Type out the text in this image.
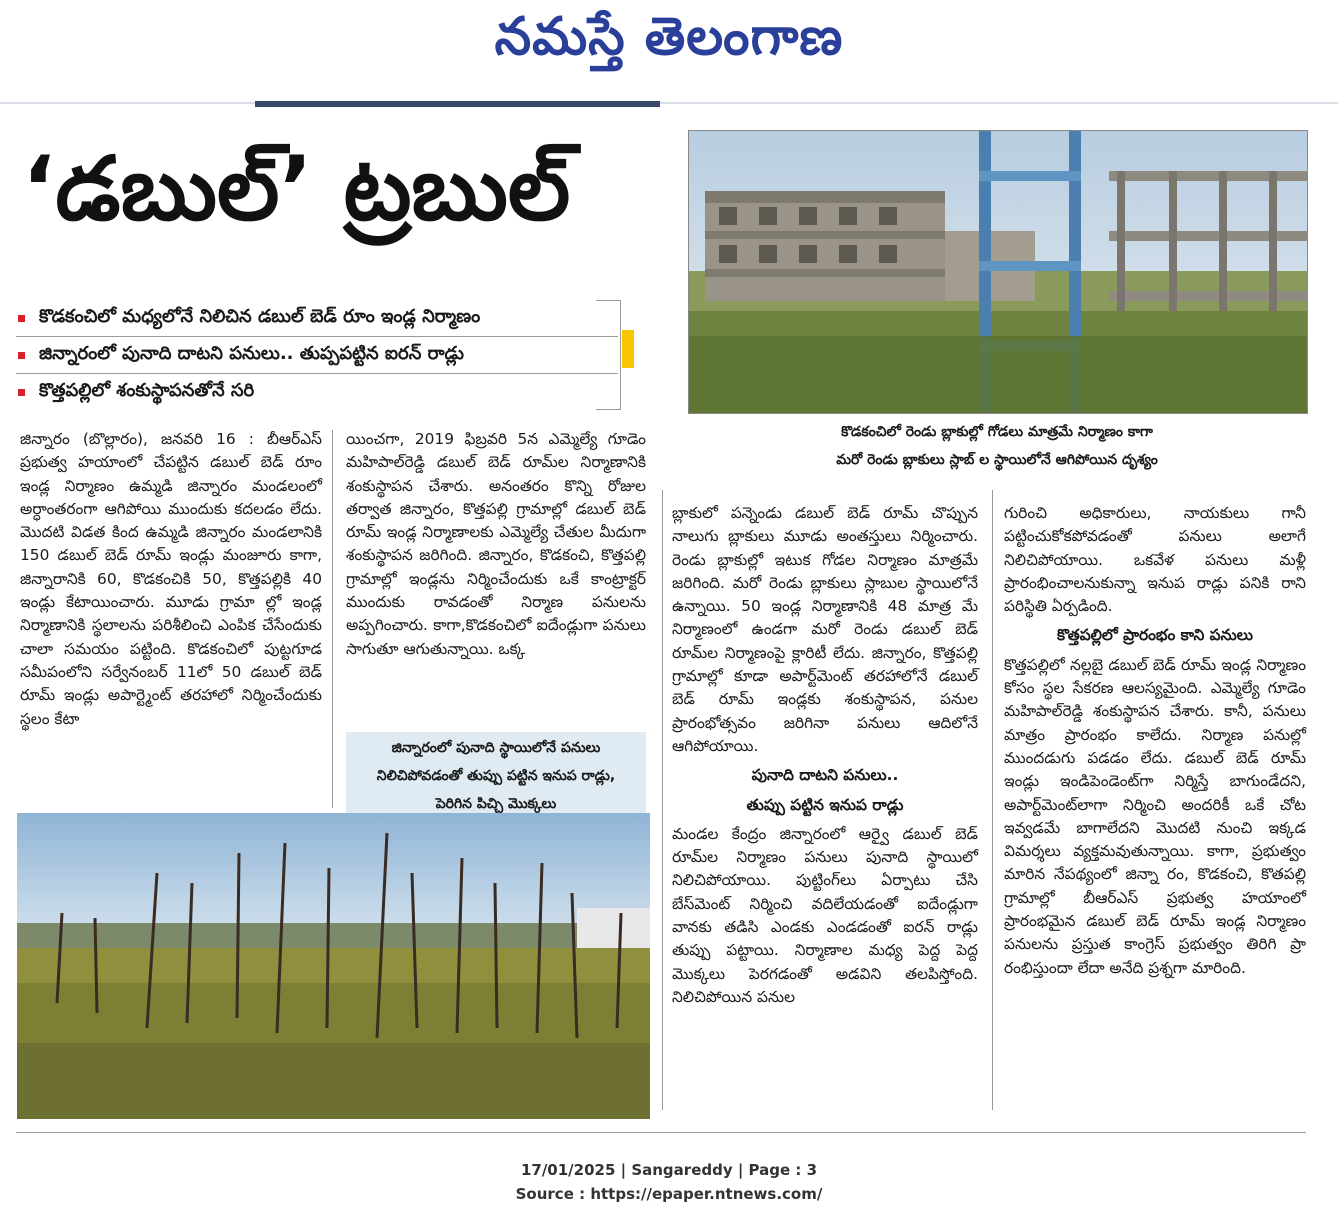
నమస్తే తెలంగాణ
‘డబుల్’ ట్రబుల్
కొడకంచిలో మధ్యలోనే నిలిచిన డబుల్ బెడ్ రూం ఇండ్ల నిర్మాణం
జిన్నారంలో పునాది దాటని పనులు.. తుప్పపట్టిన ఐరన్ రాడ్లు
కొత్తపల్లిలో శంకుస్థాపనతోనే సరి
కొడకంచిలో రెండు బ్లాకుల్లో గోడలు మాత్రమే నిర్మాణం కాగా
మరో రెండు బ్లాకులు స్లాబ్ ల స్థాయిలోనే ఆగిపోయిన దృశ్యం

జిన్నారం (బొల్లారం), జనవరి 16 : బీఆర్ఎస్ ప్రభుత్వ హయాంలో చేపట్టిన డబుల్ బెడ్ రూం ఇండ్ల నిర్మాణం ఉమ్మడి జిన్నారం మండలంలో అర్ధాంతరంగా ఆగిపోయి ముందుకు కదలడం లేదు. మొదటి విడత కింద ఉమ్మడి జిన్నారం మండలానికి 150 డబుల్ బెడ్ రూమ్ ఇండ్లు మంజూరు కాగా, జిన్నారానికి 60, కొడకంచికి 50, కొత్తపల్లికి 40 ఇండ్లు కేటాయించారు. మూడు గ్రామా ల్లో ఇండ్ల నిర్మాణానికి స్థలాలను పరిశీలించి ఎంపిక చేసేందుకు చాలా సమయం పట్టింది. కొడకంచిలో పుట్టగూడ సమీపంలోని సర్వేనంబర్ 11లో 50 డబుల్ బెడ్ రూమ్ ఇండ్లు అపార్ట్మెంట్ తరహాలో నిర్మించేందుకు స్థలం కేటా

యించగా, 2019 ఫిబ్రవరి 5న ఎమ్మెల్యే గూడెం మహిపాల్‌రెడ్డి డబుల్ బెడ్ రూమ్‌ల నిర్మాణానికి శంకుస్థాపన చేశారు. అనంతరం కొన్ని రోజుల తర్వాత జిన్నారం, కొత్తపల్లి గ్రామాల్లో డబుల్ బెడ్ రూమ్ ఇండ్ల నిర్మాణాలకు ఎమ్మెల్యే చేతుల మీదుగా శంకుస్థాపన జరిగింది. జిన్నారం, కొడకంచి, కొత్తపల్లి గ్రామాల్లో ఇండ్లను నిర్మించేందుకు ఒకే కాంట్రాక్టర్ ముందుకు రావడంతో నిర్మాణ పనులను అప్పగించారు. కాగా,కొడకంచిలో ఐదేండ్లుగా పనులు సాగుతూ ఆగుతున్నాయి. ఒక్క

జిన్నారంలో పునాది స్థాయిలోనే పనులు
నిలిచిపోవడంతో తుప్పు పట్టిన ఇనుప రాడ్లు,
పెరిగిన పిచ్చి మొక్కలు

బ్లాకులో పన్నెండు డబుల్ బెడ్ రూమ్ చొప్పున నాలుగు బ్లాకులు మూడు అంతస్తులు నిర్మించారు. రెండు బ్లాకుల్లో ఇటుక గోడల నిర్మాణం మాత్రమే జరిగింది. మరో రెండు బ్లాకులు స్లాబుల స్థాయిలోనే ఉన్నాయి. 50 ఇండ్ల నిర్మాణానికి 48 మాత్ర మే నిర్మాణంలో ఉండగా మరో రెండు డబుల్ బెడ్ రూమ్‌ల నిర్మాణంపై క్లారిటీ లేదు. జిన్నారం, కొత్తపల్లి గ్రామాల్లో కూడా అపార్ట్‌మెంట్ తరహాలోనే డబుల్ బెడ్ రూమ్ ఇండ్లకు శంకుస్థాపన, పనుల ప్రారంభోత్సవం జరిగినా పనులు ఆదిలోనే ఆగిపోయాయి.

పునాది దాటని పనులు..
తుప్పు పట్టిన ఇనుప రాడ్లు

మండల కేంద్రం జిన్నారంలో ఆర్వై డబుల్ బెడ్ రూమ్‌ల నిర్మాణం పనులు పునాది స్థాయిలో నిలిచిపోయాయి. పుట్టింగ్‌లు ఏర్పాటు చేసి బేస్‌మెంట్ నిర్మించి వదిలేయడంతో ఐదేండ్లుగా వానకు తడిసి ఎండకు ఎండడంతో ఐరన్ రాడ్లు తుప్పు పట్టాయి. నిర్మాణాల మధ్య పెద్ద పెద్ద మొక్కలు పెరగడంతో అడవిని తలపిస్తోంది. నిలిచిపోయిన పనుల

గురించి అధికారులు, నాయకులు గానీ పట్టించుకోకపోవడంతో పనులు అలాగే నిలిచిపోయాయి. ఒకవేళ పనులు మళ్లీ ప్రారంభించాలనుకున్నా ఇనుప రాడ్లు పనికి రాని పరిస్థితి ఏర్పడింది.

కొత్తపల్లిలో ప్రారంభం కాని పనులు

కొత్తపల్లిలో నల్లబై డబుల్ బెడ్ రూమ్ ఇండ్ల నిర్మాణం కోసం స్థల సేకరణ ఆలస్యమైంది. ఎమ్మెల్యే గూడెం మహిపాల్‌రెడ్డి శంకుస్థాపన చేశారు. కానీ, పనులు మాత్రం ప్రారంభం కాలేదు. నిర్మాణ పనుల్లో ముందడుగు పడడం లేదు. డబుల్ బెడ్ రూమ్ ఇండ్లు ఇండిపెండెంట్‌గా నిర్మిస్తే బాగుండేదని, అపార్ట్‌మెంట్‌లాగా నిర్మించి అందరికీ ఒకే చోట ఇవ్వడమే బాగాలేదని మొదటి నుంచి ఇక్కడ విమర్శలు వ్యక్తమవుతున్నాయి. కాగా, ప్రభుత్వం మారిన నేపథ్యంలో జిన్నా రం, కొడకంచి, కొతపల్లి గ్రామాల్లో బీఆర్ఎస్ ప్రభుత్వ హయాంలో ప్రారంభమైన డబుల్ బెడ్ రూమ్ ఇండ్ల నిర్మాణం పనులను ప్రస్తుత కాంగ్రెస్ ప్రభుత్వం తిరిగి ప్రా రంభిస్తుందా లేదా అనేది ప్రశ్నగా మారింది.

17/01/2025 | Sangareddy | Page : 3
Source : https://epaper.ntnews.com/
